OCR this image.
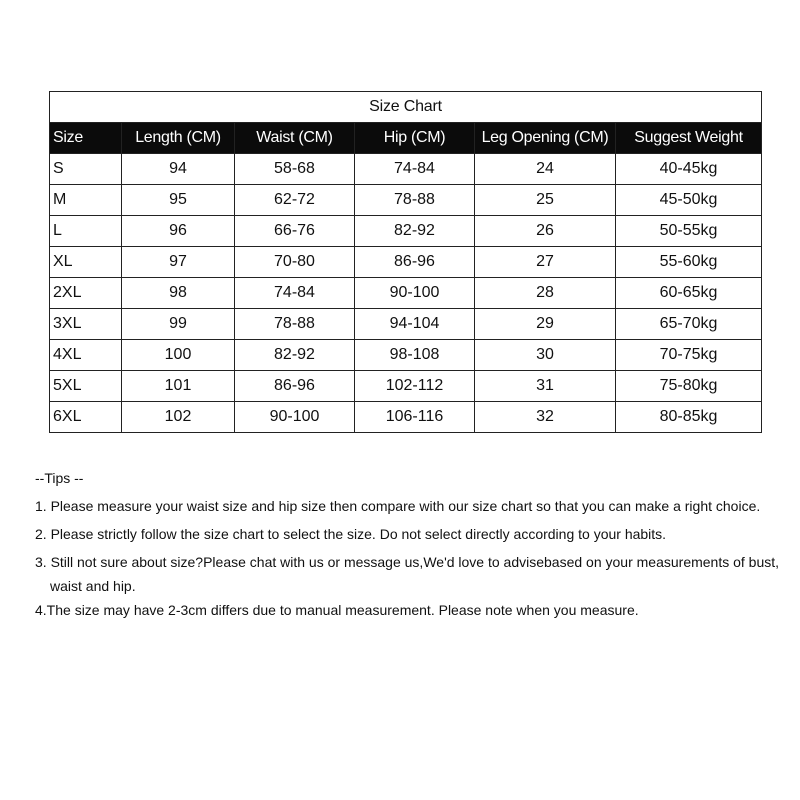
Size Chart					
Size	Length (CM)	Waist (CM)	Hip (CM)	Leg Opening (CM)	Suggest Weight
S	94	58-68	74-84	24	40-45kg
M	95	62-72	78-88	25	45-50kg
L	96	66-76	82-92	26	50-55kg
XL	97	70-80	86-96	27	55-60kg
2XL	98	74-84	90-100	28	60-65kg
3XL	99	78-88	94-104	29	65-70kg
4XL	100	82-92	98-108	30	70-75kg
5XL	101	86-96	102-112	31	75-80kg
6XL	102	90-100	106-116	32	80-85kg

--Tips --

1. Please measure your waist size and hip size then compare with our size chart so that you can make a right choice.

2. Please strictly follow the size chart to select the size. Do not select directly according to your habits.

3. Still not sure about size?Please chat with us or message us,We'd love to advisebased on your measurements of bust, waist and hip.

4.The size may have 2-3cm differs due to manual measurement. Please note when you measure.
